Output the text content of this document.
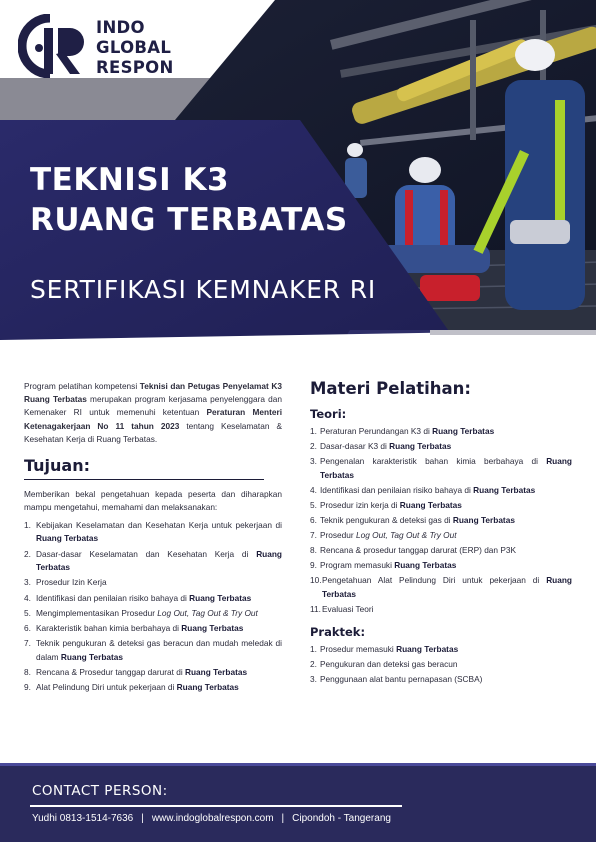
INDO
GLOBAL
RESPON
TEKNISI K3
RUANG TERBATAS
SERTIFIKASI KEMNAKER RI

Program pelatihan kompetensi Teknisi dan Petugas Penyelamat K3 Ruang Terbatas merupakan program kerjasama penyelenggara dan Kemenaker RI untuk memenuhi ketentuan Peraturan Menteri Ketenagakerjaan No 11 tahun 2023 tentang Keselamatan & Kesehatan Kerja di Ruang Terbatas.

Tujuan:

Memberikan bekal pengetahuan kepada peserta dan diharapkan mampu mengetahui, memahami dan melaksanakan:

1. Kebijakan Keselamatan dan Kesehatan Kerja untuk pekerjaan di Ruang Terbatas
2. Dasar-dasar Keselamatan dan Kesehatan Kerja di Ruang Terbatas
3. Prosedur Izin Kerja
4. Identifikasi dan penilaian risiko bahaya di Ruang Terbatas
5. Mengimplementasikan Prosedur Log Out, Tag Out & Try Out
6. Karakteristik bahan kimia berbahaya di Ruang Terbatas
7. Teknik pengukuran & deteksi gas beracun dan mudah meledak di dalam Ruang Terbatas
8. Rencana & Prosedur tanggap darurat di Ruang Terbatas
9. Alat Pelindung Diri untuk pekerjaan di Ruang Terbatas
Materi Pelatihan:
Teori:
1. Peraturan Perundangan K3 di Ruang Terbatas
2. Dasar-dasar K3 di Ruang Terbatas
3. Pengenalan karakteristik bahan kimia berbahaya di Ruang Terbatas
4. Identifikasi dan penilaian risiko bahaya di Ruang Terbatas
5. Prosedur izin kerja di Ruang Terbatas
6. Teknik pengukuran & deteksi gas di Ruang Terbatas
7. Prosedur Log Out, Tag Out & Try Out
8. Rencana & prosedur tanggap darurat (ERP) dan P3K
9. Program memasuki Ruang Terbatas
10. Pengetahuan Alat Pelindung Diri untuk pekerjaan di Ruang Terbatas
11. Evaluasi Teori
Praktek:
1. Prosedur memasuki Ruang Terbatas
2. Pengukuran dan deteksi gas beracun
3. Penggunaan alat bantu pernapasan (SCBA)
CONTACT PERSON:
Yudhi 0813-1514-7636 | www.indoglobalrespon.com | Cipondoh - Tangerang
